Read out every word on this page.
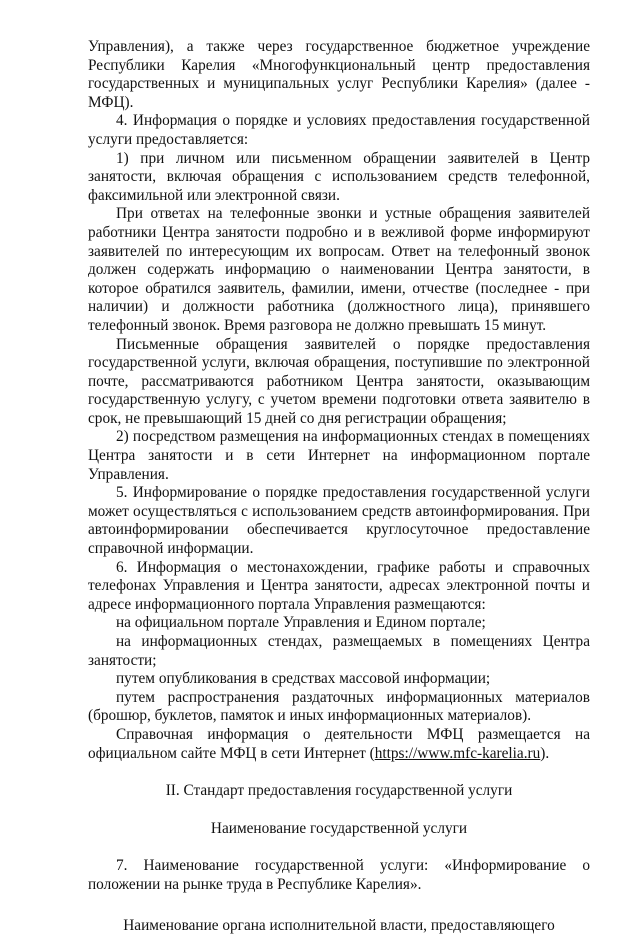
Управления), а также через государственное бюджетное учреждение Республики Карелия «Многофункциональный центр предоставления государственных и муниципальных услуг Республики Карелия» (далее - МФЦ).

4. Информация о порядке и условиях предоставления государственной услуги предоставляется:

1) при личном или письменном обращении заявителей в Центр занятости, включая обращения с использованием средств телефонной, факсимильной или электронной связи.

При ответах на телефонные звонки и устные обращения заявителей работники Центра занятости подробно и в вежливой форме информируют заявителей по интересующим их вопросам. Ответ на телефонный звонок должен содержать информацию о наименовании Центра занятости, в которое обратился заявитель, фамилии, имени, отчестве (последнее - при наличии) и должности работника (должностного лица), принявшего телефонный звонок. Время разговора не должно превышать 15 минут.

Письменные обращения заявителей о порядке предоставления государственной услуги, включая обращения, поступившие по электронной почте, рассматриваются работником Центра занятости, оказывающим государственную услугу, с учетом времени подготовки ответа заявителю в срок, не превышающий 15 дней со дня регистрации обращения;

2) посредством размещения на информационных стендах в помещениях Центра занятости и в сети Интернет на информационном портале Управления.

5. Информирование о порядке предоставления государственной услуги может осуществляться с использованием средств автоинформирования. При автоинформировании обеспечивается круглосуточное предоставление справочной информации.

6. Информация о местонахождении, графике работы и справочных телефонах Управления и Центра занятости, адресах электронной почты и адресе информационного портала Управления размещаются:

на официальном портале Управления и Едином портале;

на информационных стендах, размещаемых в помещениях Центра занятости;

путем опубликования в средствах массовой информации;

путем распространения раздаточных информационных материалов (брошюр, буклетов, памяток и иных информационных материалов).

Справочная информация о деятельности МФЦ размещается на официальном сайте МФЦ в сети Интернет (https://www.mfc-karelia.ru).

II. Стандарт предоставления государственной услуги

Наименование государственной услуги

7. Наименование государственной услуги: «Информирование о положении на рынке труда в Республике Карелия».

Наименование органа исполнительной власти, предоставляющего
